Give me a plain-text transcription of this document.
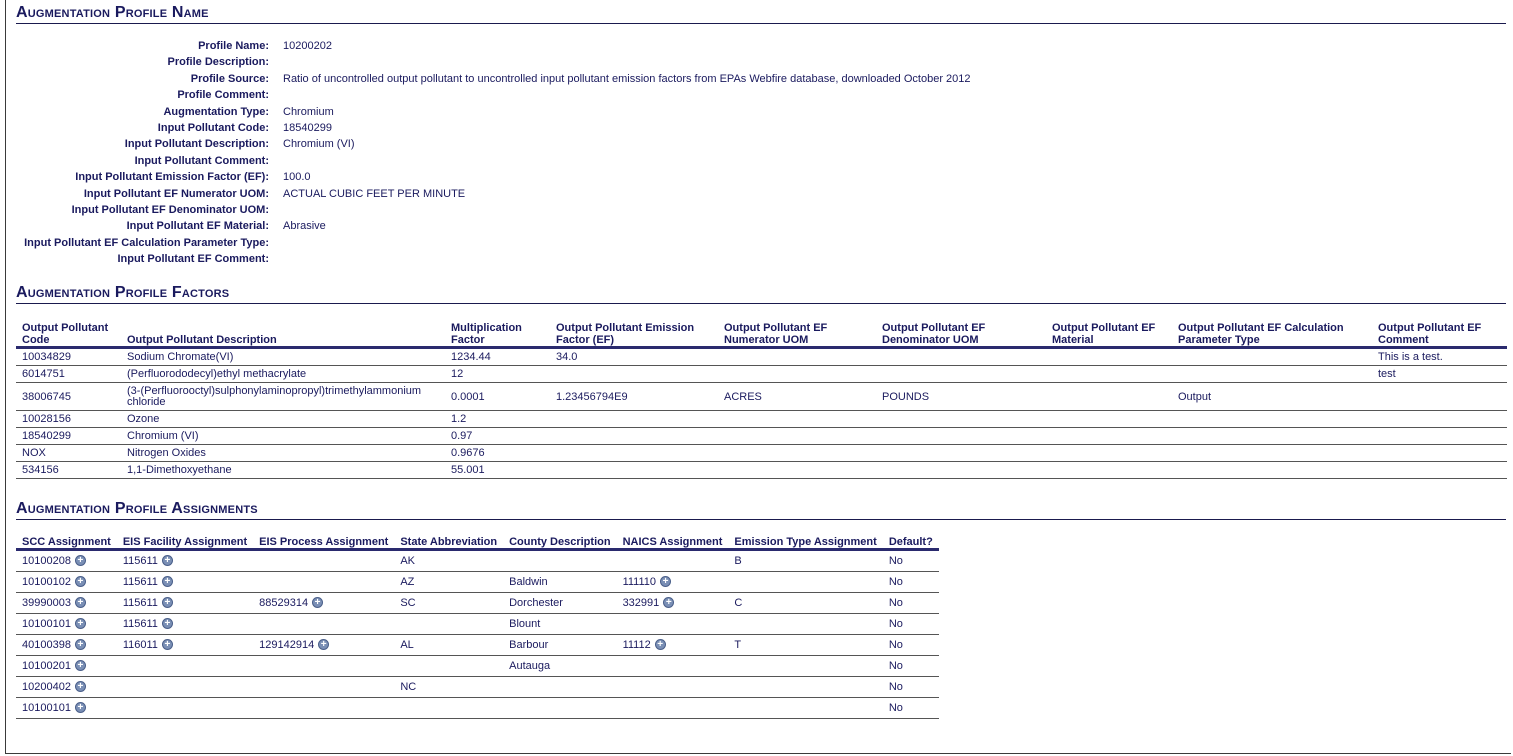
Augmentation Profile Name
Profile Name: 10200202
Profile Description:
Profile Source: Ratio of uncontrolled output pollutant to uncontrolled input pollutant emission factors from EPAs Webfire database, downloaded October 2012
Profile Comment:
Augmentation Type: Chromium
Input Pollutant Code: 18540299
Input Pollutant Description: Chromium (VI)
Input Pollutant Comment:
Input Pollutant Emission Factor (EF): 100.0
Input Pollutant EF Numerator UOM: ACTUAL CUBIC FEET PER MINUTE
Input Pollutant EF Denominator UOM:
Input Pollutant EF Material: Abrasive
Input Pollutant EF Calculation Parameter Type:
Input Pollutant EF Comment:
Augmentation Profile Factors
Output Pollutant Code	Output Pollutant Description	Multiplication Factor	Output Pollutant Emission Factor (EF)	Output Pollutant EF Numerator UOM	Output Pollutant EF Denominator UOM	Output Pollutant EF Material	Output Pollutant EF Calculation Parameter Type	Output Pollutant EF Comment
10034829	Sodium Chromate(VI)	1234.44	34.0					This is a test.
6014751	(Perfluorododecyl)ethyl methacrylate	12						test
38006745	(3-(Perfluorooctyl)sulphonylaminopropyl)trimethylammonium chloride	0.0001	1.23456794E9	ACRES	POUNDS		Output	
10028156	Ozone	1.2						
18540299	Chromium (VI)	0.97						
NOX	Nitrogen Oxides	0.9676						
534156	1,1-Dimethoxyethane	55.001						
Augmentation Profile Assignments
SCC Assignment	EIS Facility Assignment	EIS Process Assignment	State Abbreviation	County Description	NAICS Assignment	Emission Type Assignment	Default?
10100208 +	115611 +		AK			B	No
10100102 +	115611 +		AZ	Baldwin	111110 +		No
39990003 +	115611 +	88529314 +	SC	Dorchester	332991 +	C	No
10100101 +	115611 +			Blount			No
40100398 +	116011 +	129142914 +	AL	Barbour	11112 +	T	No
10100201 +				Autauga			No
10200402 +			NC				No
10100101 +							No
